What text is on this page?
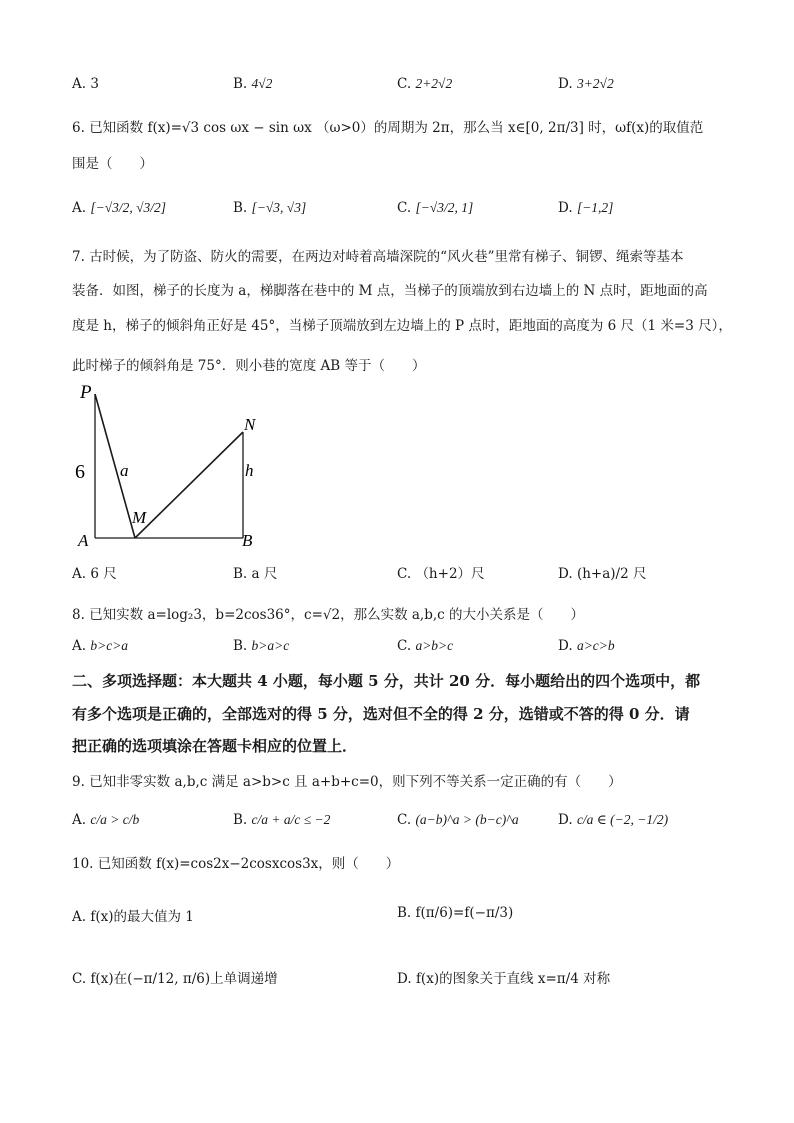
A. 3	B. 4√2	C. 2+2√2	D. 3+2√2
6. 已知函数 f(x)=√3 cos ωx − sin ωx （ω>0）的周期为 2π，那么当 x∈[0, 2π/3] 时，ωf(x)的取值范
围是（　　）
A. [−√3/2, √3/2]	B. [−√3, √3]	C. [−√3/2, 1]	D. [−1,2]
7. 古时候，为了防盗、防火的需要，在两边对峙着高墙深院的“风火巷”里常有梯子、铜锣、绳索等基本
装备．如图，梯子的长度为 a，梯脚落在巷中的 M 点，当梯子的顶端放到右边墙上的 N 点时，距地面的高
度是 h，梯子的倾斜角正好是 45°，当梯子顶端放到左边墙上的 P 点时，距地面的高度为 6 尺（1 米=3 尺），
此时梯子的倾斜角是 75°．则小巷的宽度 AB 等于（　　）
P
N
A	B
M
a	h
6
A. 6 尺	B. a 尺	C. （h+2）尺	D. (h+a)/2 尺
8. 已知实数 a=log₂3，b=2cos36°，c=√2，那么实数 a,b,c 的大小关系是（　　）
A. b>c>a	B. b>a>c	C. a>b>c	D. a>c>b
二、多项选择题：本大题共 4 小题，每小题 5 分，共计 20 分．每小题给出的四个选项中，都
有多个选项是正确的，全部选对的得 5 分，选对但不全的得 2 分，选错或不答的得 0 分．请
把正确的选项填涂在答题卡相应的位置上．
9. 已知非零实数 a,b,c 满足 a>b>c 且 a+b+c=0，则下列不等关系一定正确的有（　　）
A. c/a > c/b	B. c/a + a/c ≤ −2	C. (a−b)^a > (b−c)^a	D. c/a ∈ (−2, −1/2)
10. 已知函数 f(x)=cos2x−2cosxcos3x，则（　　）
A. f(x)的最大值为 1	B. f(π/6)=f(−π/3)
C. f(x)在(−π/12, π/6)上单调递增	D. f(x)的图象关于直线 x=π/4 对称
